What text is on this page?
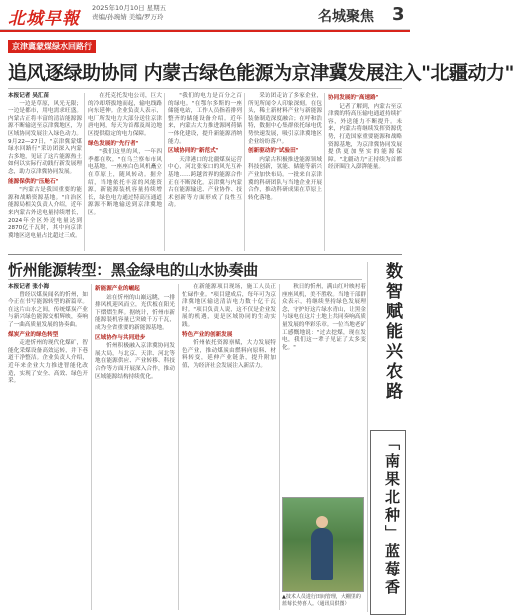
北城早報
2025年10月10日 星期五
责编/孙琬婧 美编/罗万玲	名城聚焦 3
京津冀蒙煤绿水回路行
追风逐绿助协同 内蒙古绿色能源为京津冀发展注入"北疆动力"
本报记者 吴汇苗

一边是草原，风光无限；一边是都市，用电需求旺盛。内蒙古正将丰富的清洁能源源源不断输送至京津冀地区，为区域协同发展注入绿色动力。9月22—27日，"京津冀蒙煤绿水回路行"采访团深入内蒙古多地，见证了这片能源热土如何以实际行动践行新发展理念，助力京津冀协同发展。

能源保供的"压舱石"

"内蒙古是我国重要的能源和战略资源基地。"自治区能源局相关负责人介绍，近年来内蒙古外送电量持续增长，2024年全区外送电量达到2870亿千瓦时，其中向京津冀地区送电量占比超过三成。

在托克托发电公司，巨大的冷却塔拔地而起，输电线路向东延伸。企业负责人表示，电厂所发电力大部分送往京津唐电网，每天为首都及周边地区提供稳定的电力保障。

绿色发展的"先行者"

"我们这里的风，一年四季都在吹。"在乌兰察布市风电基地，一座座白色风机矗立在草原上，随风转动。据介绍，当地依托丰富的风能资源，新能源装机容量持续增长，绿色电力通过特高压通道源源不断地输送到京津冀地区。

"我们的电力是百分之百的绿电。"在鄂尔多斯的一座储能电站，工作人员指着排列整齐的储能设备介绍。近年来，内蒙古大力推进源网荷储一体化建设，提升新能源消纳能力。

区域协同的"新范式"

天津港口的北疆煤炭运营中心，河北张家口的风光互补基地……跨越省界的能源合作正在不断深化。京津冀与内蒙古在能源输送、产业协作、技术创新等方面形成了良性互动。

采访团走访了多家企业，所见所闻令人印象深刻。在包头，稀土新材料产业与新能源装备制造深度融合；在呼和浩特，数据中心集群依托绿电优势快速发展，吸引京津冀地区企业纷纷落户。

创新驱动的"试验田"

内蒙古积极推进能源领域科技创新，氢能、储能等新兴产业加快布局。一批来自京津冀的科研团队与当地企业开展合作，推动科研成果在草原上转化落地。

协同发展的"高速路"

记者了解到，内蒙古至京津冀的特高压输电通道持续扩容，外送能力不断提升。未来，内蒙古将继续发挥资源优势，打造国家重要能源和战略资源基地，为京津冀协同发展提供更加坚实的能源保障。"北疆动力"正持续为首都经济圈注入澎湃能量。

忻州能源转型：黑金绿电的山水协奏曲
本报记者 张小海

曾经以煤炭闻名的忻州，如今正在书写能源转型的新篇章。在这片山水之间，传统煤炭产业与新兴绿色能源交相辉映，奏响了一曲高质量发展的协奏曲。

煤炭产业的绿色转型

走进忻州的现代化煤矿，智能化采煤设备高效运转，井下巷道干净整洁。企业负责人介绍，近年来企业大力推进智能化改造，实现了安全、高效、绿色开采。

新能源产业的崛起

站在忻州的山巅远眺，一排排风机迎风而立，光伏板在阳光下熠熠生辉。据统计，忻州市新能源装机容量已突破千万千瓦，成为全省重要的新能源基地。

区域协作与共同进步

忻州积极融入京津冀协同发展大局，与北京、天津、河北等地在能源供应、产业转移、科技合作等方面开展深入合作，推动区域能源结构持续优化。

在新能源项目现场，施工人员正忙碌作业。"项目建成后，每年可为京津冀地区输送清洁电力数十亿千瓦时。"项目负责人说，这不仅是企业发展的机遇，更是区域协同的生动实践。

特色产业的创新发展

忻州依托资源禀赋，大力发展特色产业，推动煤炭由燃料向原料、材料转变，延伸产业链条，提升附加值，为经济社会发展注入新活力。

秋日的忻州，满山红叶映衬着座座风机，美不胜收。当地干部群众表示，将继续坚持绿色发展理念，守护好这片绿水青山，让黑金与绿电在这片土地上共同奏响高质量发展的华彩乐章。一位当地老矿工感慨地说："过去挖煤，现在发电，我们这一辈子见证了太多变化。"

▲技术人员进行田间管理，大棚里的蓝莓长势喜人。（通讯员供图）
数智赋能兴农路
「南果北种」蓝莓香
